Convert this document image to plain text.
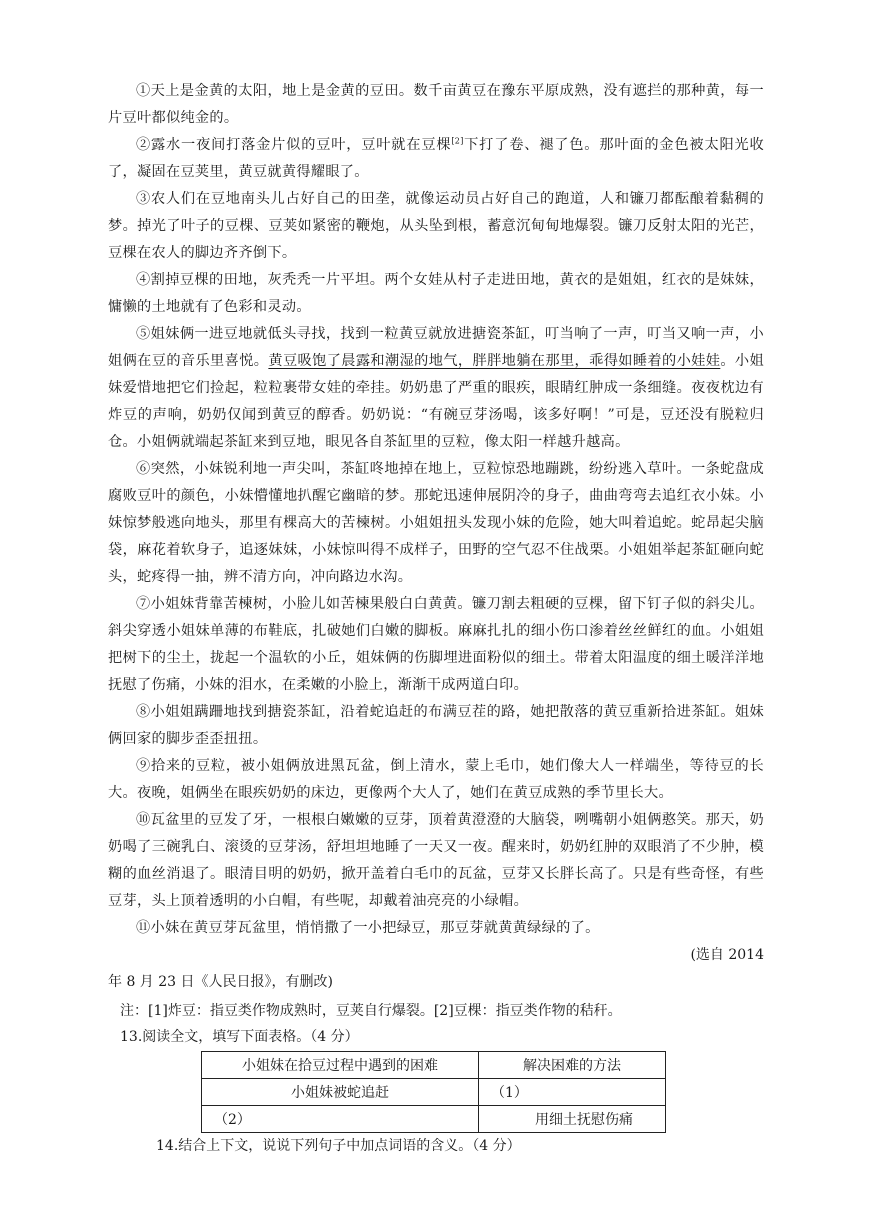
①天上是金黄的太阳，地上是金黄的豆田。数千亩黄豆在豫东平原成熟，没有遮拦的那种黄，每一片豆叶都似纯金的。

②露水一夜间打落金片似的豆叶，豆叶就在豆棵[2]下打了卷、褪了色。那叶面的金色被太阳光收了，凝固在豆荚里，黄豆就黄得耀眼了。

③农人们在豆地南头儿占好自己的田垄，就像运动员占好自己的跑道，人和镰刀都酝酿着黏稠的梦。掉光了叶子的豆棵、豆荚如紧密的鞭炮，从头坠到根，蓄意沉甸甸地爆裂。镰刀反射太阳的光芒，豆棵在农人的脚边齐齐倒下。

④割掉豆棵的田地，灰秃秃一片平坦。两个女娃从村子走进田地，黄衣的是姐姐，红衣的是妹妹，慵懒的土地就有了色彩和灵动。

⑤姐妹俩一进豆地就低头寻找，找到一粒黄豆就放进搪瓷茶缸，叮当响了一声，叮当又响一声，小姐俩在豆的音乐里喜悦。黄豆吸饱了晨露和潮湿的地气，胖胖地躺在那里，乖得如睡着的小娃娃。小姐妹爱惜地把它们捡起，粒粒裹带女娃的牵挂。奶奶患了严重的眼疾，眼睛红肿成一条细缝。夜夜枕边有炸豆的声响，奶奶仅闻到黄豆的醇香。奶奶说：“有碗豆芽汤喝，该多好啊！”可是，豆还没有脱粒归仓。小姐俩就端起茶缸来到豆地，眼见各自茶缸里的豆粒，像太阳一样越升越高。

⑥突然，小妹锐利地一声尖叫，茶缸咚地掉在地上，豆粒惊恐地蹦跳，纷纷逃入草叶。一条蛇盘成腐败豆叶的颜色，小妹懵懂地扒醒它幽暗的梦。那蛇迅速伸展阴冷的身子，曲曲弯弯去追红衣小妹。小妹惊梦般逃向地头，那里有棵高大的苦楝树。小姐姐扭头发现小妹的危险，她大叫着追蛇。蛇昂起尖脑袋，麻花着软身子，追逐妹妹，小妹惊叫得不成样子，田野的空气忍不住战栗。小姐姐举起茶缸砸向蛇头，蛇疼得一抽，辨不清方向，冲向路边水沟。

⑦小姐妹背靠苦楝树，小脸儿如苦楝果般白白黄黄。镰刀割去粗硬的豆棵，留下钉子似的斜尖儿。斜尖穿透小姐妹单薄的布鞋底，扎破她们白嫩的脚板。麻麻扎扎的细小伤口渗着丝丝鲜红的血。小姐姐把树下的尘土，拢起一个温软的小丘，姐妹俩的伤脚埋进面粉似的细土。带着太阳温度的细土暖洋洋地抚慰了伤痛，小妹的泪水，在柔嫩的小脸上，渐渐干成两道白印。

⑧小姐姐蹒跚地找到搪瓷茶缸，沿着蛇追赶的布满豆茬的路，她把散落的黄豆重新拾进茶缸。姐妹俩回家的脚步歪歪扭扭。

⑨拾来的豆粒，被小姐俩放进黑瓦盆，倒上清水，蒙上毛巾，她们像大人一样端坐，等待豆的长大。夜晚，姐俩坐在眼疾奶奶的床边，更像两个大人了，她们在黄豆成熟的季节里长大。

⑩瓦盆里的豆发了牙，一根根白嫩嫩的豆芽，顶着黄澄澄的大脑袋，咧嘴朝小姐俩憨笑。那天，奶奶喝了三碗乳白、滚烫的豆芽汤，舒坦坦地睡了一天又一夜。醒来时，奶奶红肿的双眼消了不少肿，模糊的血丝消退了。眼清目明的奶奶，掀开盖着白毛巾的瓦盆，豆芽又长胖长高了。只是有些奇怪，有些豆芽，头上顶着透明的小白帽，有些呢，却戴着油亮亮的小绿帽。

⑪小妹在黄豆芽瓦盆里，悄悄撒了一小把绿豆，那豆芽就黄黄绿绿的了。

(选自 2014

年 8 月 23 日《人民日报》，有删改)

注：[1]炸豆：指豆类作物成熟时，豆荚自行爆裂。[2]豆棵：指豆类作物的秸秆。

13.阅读全文，填写下面表格。（4 分）

小姐妹在拾豆过程中遇到的困难	解决困难的方法
小姐妹被蛇追赶	（1）
（2）	用细土抚慰伤痛

14.结合上下文，说说下列句子中加点词语的含义。（4 分）
